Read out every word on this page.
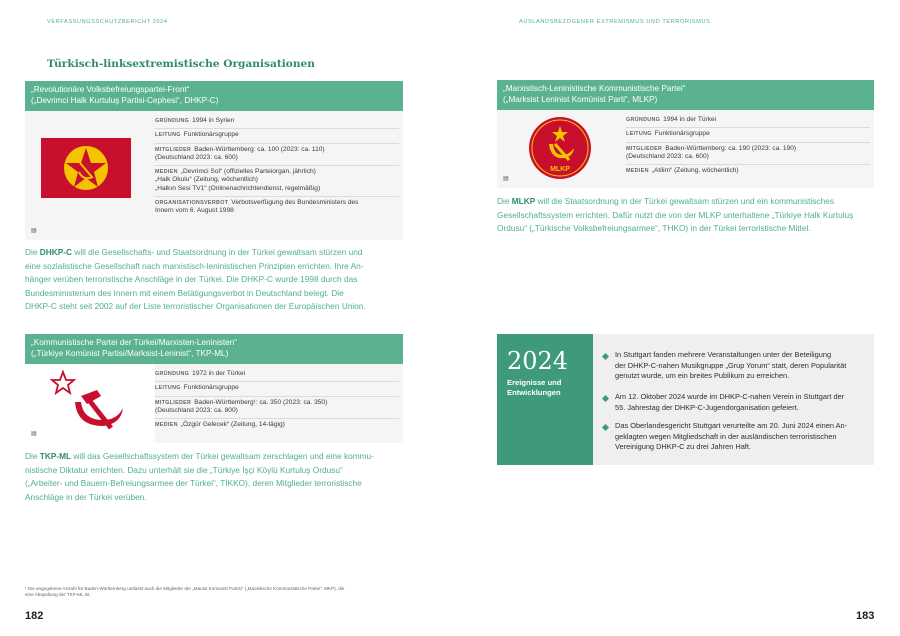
VERFASSUNGSSCHUTZBERICHT 2024	AUSLANDSBEZOGENER EXTREMISMUS UND TERRORISMUS
Türkisch-linksextremistische Organisationen
„Revolutionäre Volksbefreiungspartei-Front“
(„Devrimci Halk Kurtuluş Partisi-Cephesi“, DHKP-C)
▤
GRÜNDUNG 1994 in Syrien
LEITUNG Funktionärsgruppe
MITGLIEDER Baden-Württemberg: ca. 100 (2023: ca. 110)
(Deutschland 2023: ca. 600)
MEDIEN „Devrimci Sol“ (offizielles Parteiorgan, jährlich)
„Halk Okulu“ (Zeitung, wöchentlich)
„Halkın Sesi TV1“ (Onlinenachrichtendienst, regelmäßig)
ORGANISATIONSVERBOT Verbotsverfügung des Bundesministers des
Innern vom 6. August 1998
Die DHKP-C will die Gesellschafts- und Staatsordnung in der Türkei gewaltsam stürzen und
eine sozialistische Gesellschaft nach marxistisch-leninistischen Prinzipien errichten. Ihre An-
hänger verüben terroristische Anschläge in der Türkei. Die DHKP-C wurde 1998 durch das
Bundesministerium des Innern mit einem Betätigungsverbot in Deutschland belegt. Die
DHKP-C steht seit 2002 auf der Liste terroristischer Organisationen der Europäischen Union.
„Kommunistische Partei der Türkei/Marxisten-Leninisten“
(„Türkiye Komünist Partisi/Marksist-Leninist“, TKP-ML)
▤
GRÜNDUNG 1972 in der Türkei
LEITUNG Funktionärsgruppe
MITGLIEDER Baden-Württemberg¹: ca. 350 (2023: ca. 350)
(Deutschland 2023: ca. 800)
MEDIEN „Özgür Gelecek“ (Zeitung, 14-tägig)
Die TKP-ML will das Gesellschaftssystem der Türkei gewaltsam zerschlagen und eine kommu-
nistische Diktatur errichten. Dazu unterhält sie die „Türkiye İşçi Köylü Kurtuluş Ordusu“
(„Arbeiter- und Bauern-Befreiungsarmee der Türkei“, TİKKO), deren Mitglieder terroristische
Anschläge in der Türkei verüben.
¹ Die angegebene Anzahl für Baden-Württemberg umfasst auch die Mitglieder der „Maoist Komünist Partisi“ („Maoistische Kommunistische Partei“, MKP), die
eine Abspaltung der TKP-ML ist.
182	183
„Marxistisch-Leninistische Kommunistische Partei“
(„Marksist Leninist Komünist Parti“, MLKP)
MLKP
▤
GRÜNDUNG 1994 in der Türkei
LEITUNG Funktionärsgruppe
MITGLIEDER Baden-Württemberg: ca. 190 (2023: ca. 190)
(Deutschland 2023: ca. 600)
MEDIEN „Atilim“ (Zeitung, wöchentlich)
Die MLKP will die Staatsordnung in der Türkei gewaltsam stürzen und ein kommunistisches
Gesellschaftssystem errichten. Dafür nutzt die von der MLKP unterhaltene „Türkiye Halk Kurtuluş
Ordusu“ („Türkische Volksbefreiungsarmee“, THKO) in der Türkei terroristische Mittel.
2024
Ereignisse und
Entwicklungen
In Stuttgart fanden mehrere Veranstaltungen unter der Beteiligung
der DHKP-C-nahen Musikgruppe „Grup Yorum“ statt, deren Popularität
genutzt wurde, um ein breites Publikum zu erreichen.
Am 12. Oktober 2024 wurde im DHKP-C-nahen Verein in Stuttgart der
55. Jahrestag der DHKP-C-Jugendorganisation gefeiert.
Das Oberlandesgericht Stuttgart verurteilte am 20. Juni 2024 einen An-
geklagten wegen Mitgliedschaft in der ausländischen terroristischen
Vereinigung DHKP-C zu drei Jahren Haft.
